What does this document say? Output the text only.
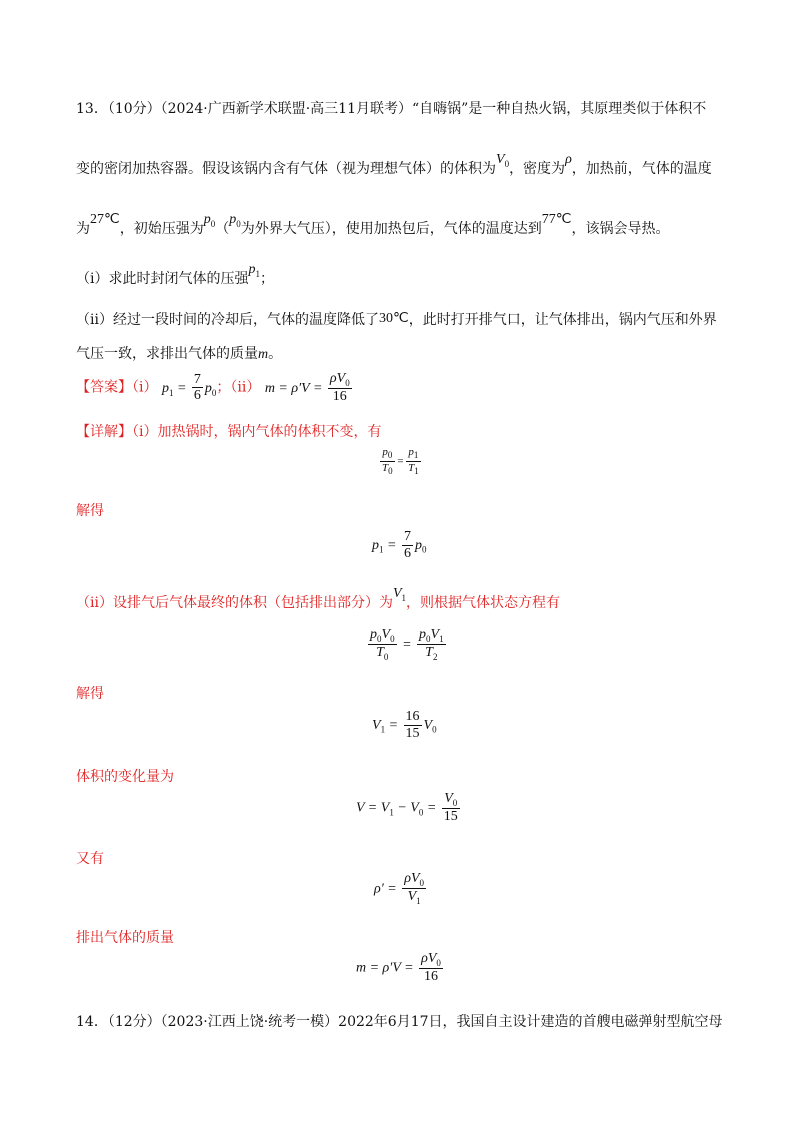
13．（10分）（2024·广西新学术联盟·高三11月联考）“自嗨锅”是一种自热火锅，其原理类似于体积不
变的密闭加热容器。假设该锅内含有气体（视为理想气体）的体积为$V_0$，密度为ρ，加热前，气体的温度
为27℃，初始压强为$p_0(p_0$为外界大气压），使用加热包后，气体的温度达到77℃，该锅会导热。
（ⅰ）求此时封闭气体的压强$p_1$；
（ⅱ）经过一段时间的冷却后，气体的温度降低了30℃，此时打开排气口，让气体排出，锅内气压和外界
气压一致，求排出气体的质量m。
【答案】（ⅰ） $p_1 = \frac{7}{6} p_0$；（ⅱ） $m = \rho'V = \frac{\rho V_0}{16}$
【详解】（ⅰ）加热锅时，锅内气体的体积不变，有
$\frac{p_0}{T_0} = \frac{p_1}{T_1}$
解得
$p_1 = \frac{7}{6} p_0$
（ⅱ）设排气后气体最终的体积（包括排出部分）为$V_1$，则根据气体状态方程有
$\frac{p_0V_0}{T_0} = \frac{p_0V_1}{T_2}$
解得
$V_1 = \frac{16}{15} V_0$
体积的变化量为
$V = V_1 - V_0 = \frac{V_0}{15}$
又有
$\rho' = \frac{\rho V_0}{V_1}$
排出气体的质量
$m = \rho'V = \frac{\rho V_0}{16}$
14．（12分）（2023·江西上饶·统考一模）2022年6月17日，我国自主设计建造的首艘电磁弹射型航空母
